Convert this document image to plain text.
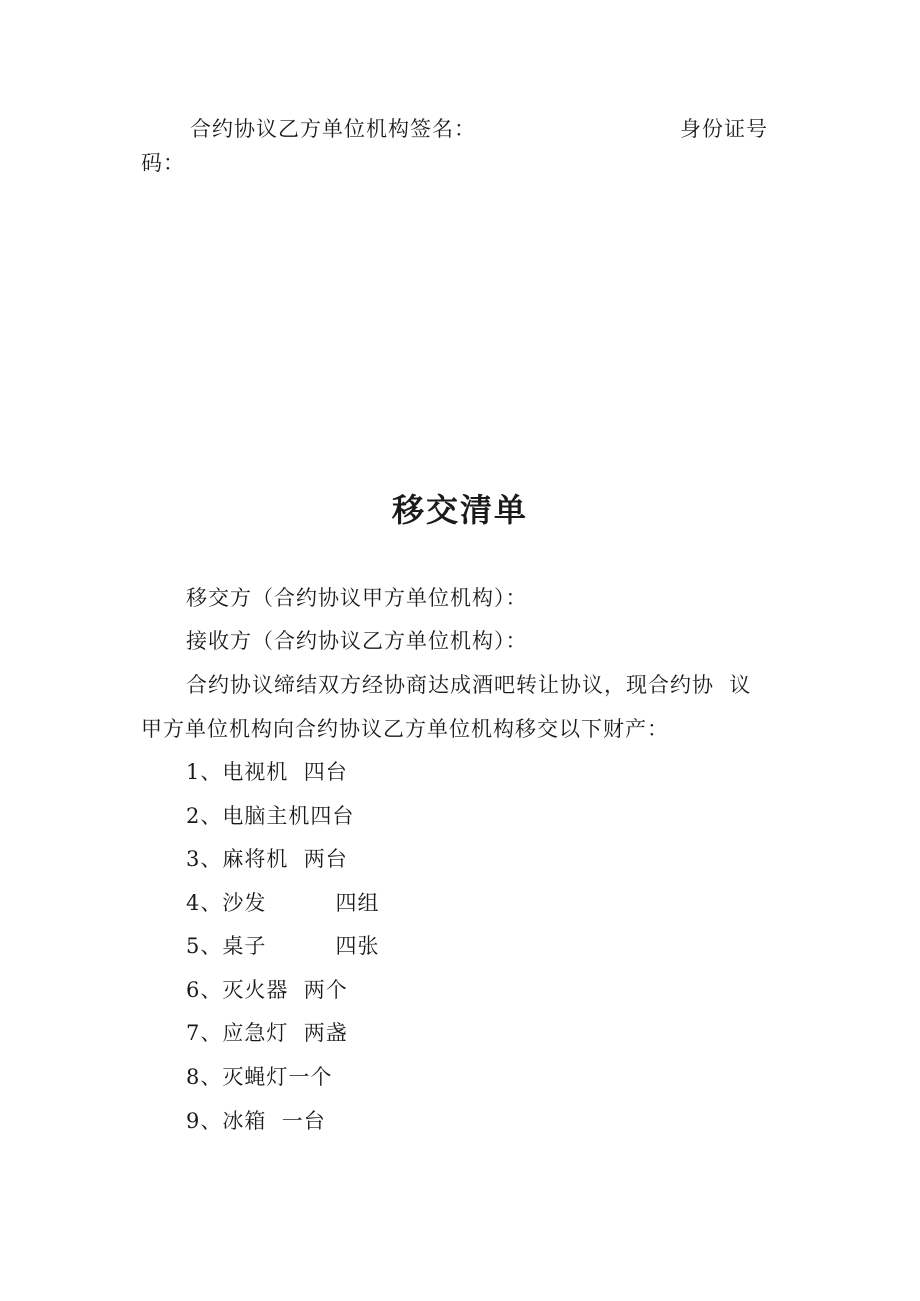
合约协议乙方单位机构签名：	身份证号
码：
移交清单
移交方（合约协议甲方单位机构）：
接收方（合约协议乙方单位机构）：
合约协议缔结双方经协商达成酒吧转让协议，现合约协  议
甲方单位机构向合约协议乙方单位机构移交以下财产：
1、电视机  四台
2、电脑主机四台
3、麻将机  两台
4、沙发         四组
5、桌子         四张
6、灭火器  两个
7、应急灯  两盏
8、灭蝇灯一个
9、冰箱  一台
